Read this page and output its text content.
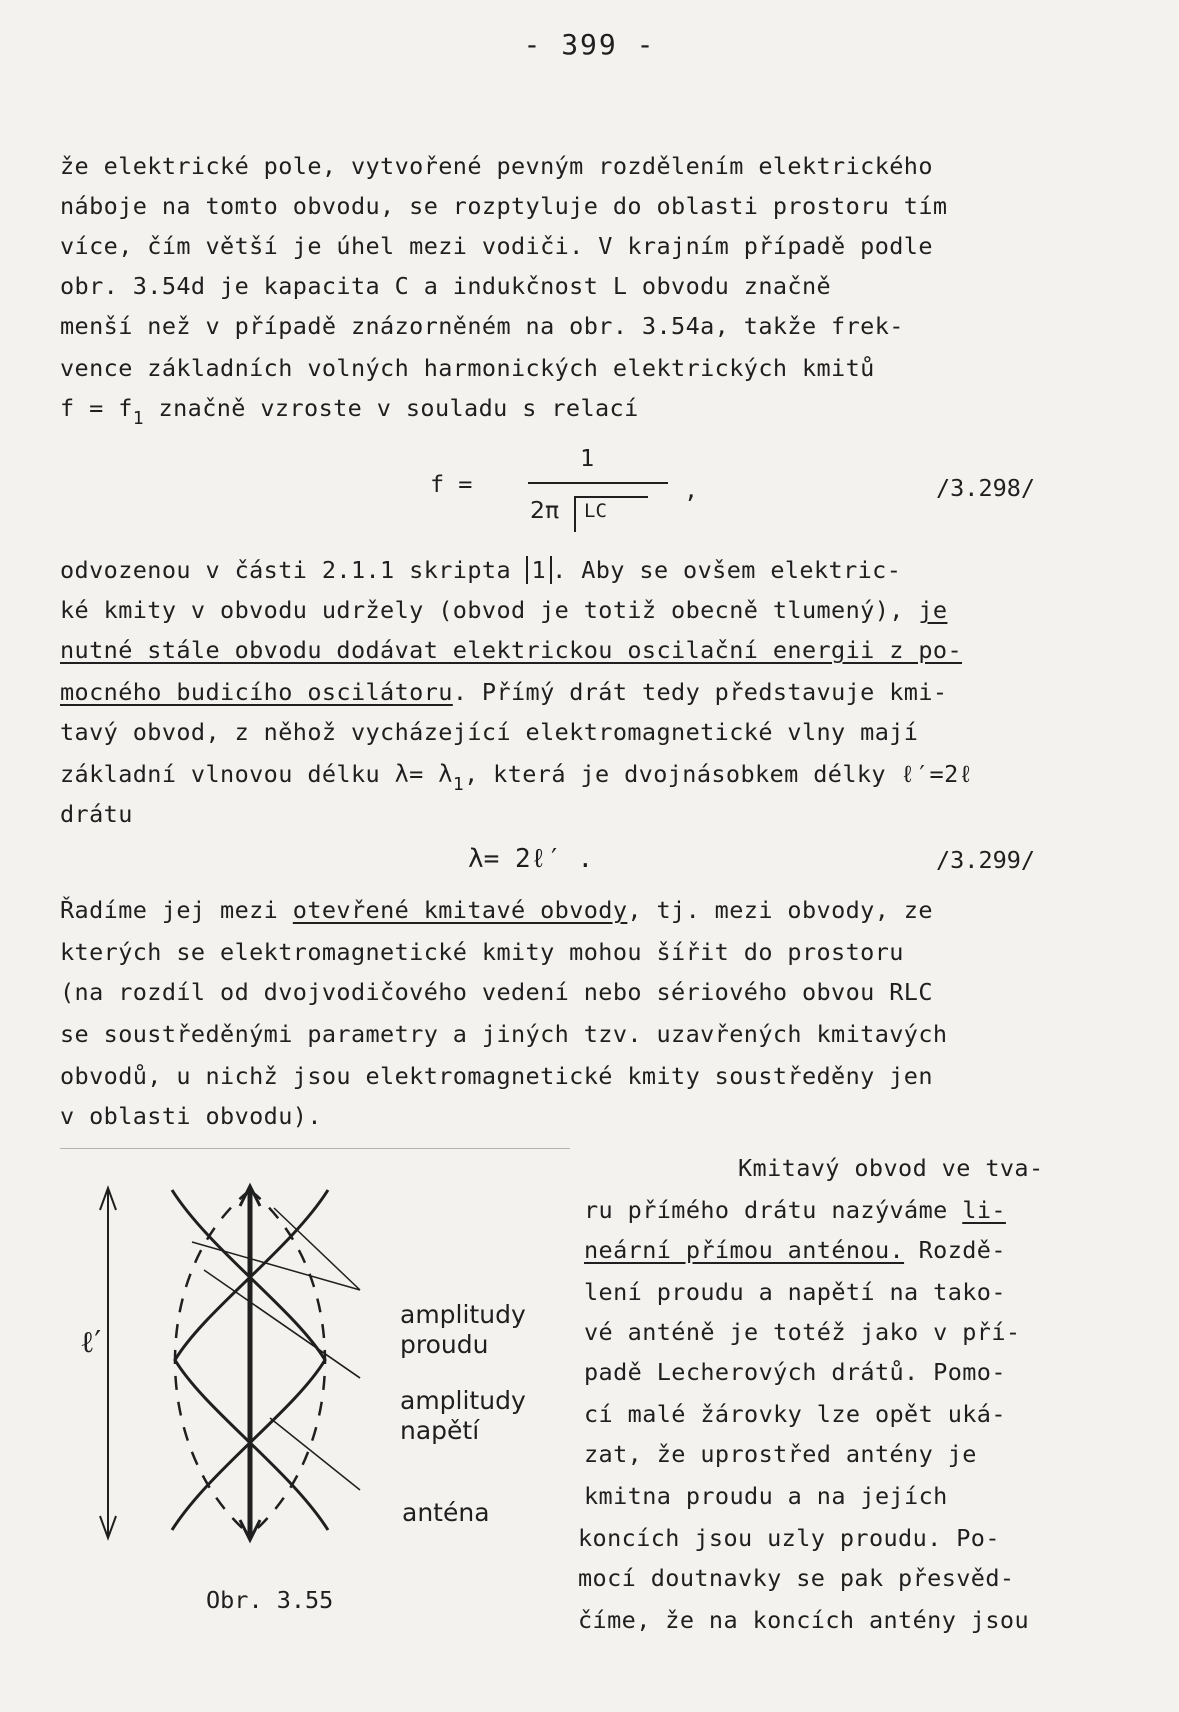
- 399 -
že elektrické pole, vytvořené pevným rozdělením elektrického
náboje na tomto obvodu, se rozptyluje do oblasti prostoru tím
více, čím větší je úhel mezi vodiči. V krajním případě podle
obr. 3.54d je kapacita C a indukčnost L obvodu značně
menší než v případě znázorněném na obr. 3.54a, takže frek-
vence základních volných harmonických elektrických kmitů
$f = f_1$ značně vzroste v souladu s relací
f =
1
2π LC
,	/3.298/
odvozenou v části 2.1.1 skripta 1 . Aby se ovšem elektric-
ké kmity v obvodu udržely (obvod je totiž obecně tlumený), je
nutné stále obvodu dodávat elektrickou oscilační energii z po-
mocného budicího oscilátoru. Přímý drát tedy představuje kmi-
tavý obvod, z něhož vycházející elektromagnetické vlny mají
základní vlnovou délku $\lambda= \lambda_1$, která je dvojnásobkem délky ℓ′=2ℓ
drátu
λ= 2ℓ′ .	/3.299/
Řadíme jej mezi otevřené kmitavé obvody, tj. mezi obvody, ze
kterých se elektromagnetické kmity mohou šířit do prostoru
(na rozdíl od dvojvodičového vedení nebo sériového obvou RLC
se soustředěnými parametry a jiných tzv. uzavřených kmitavých
obvodů, u nichž jsou elektromagnetické kmity soustředěny jen
v oblasti obvodu).
ℓ′
amplitudy
proudu
amplitudy
napětí
anténa
Obr. 3.55
Kmitavý obvod ve tva-
ru přímého drátu nazýváme li-
neární přímou anténou. Rozdě-
lení proudu a napětí na tako-
vé anténě je totéž jako v pří-
padě Lecherových drátů. Pomo-
cí malé žárovky lze opět uká-
zat, že uprostřed antény je
kmitna proudu a na jejích
koncích jsou uzly proudu. Po-
mocí doutnavky se pak přesvěd-
číme, že na koncích antény jsou
